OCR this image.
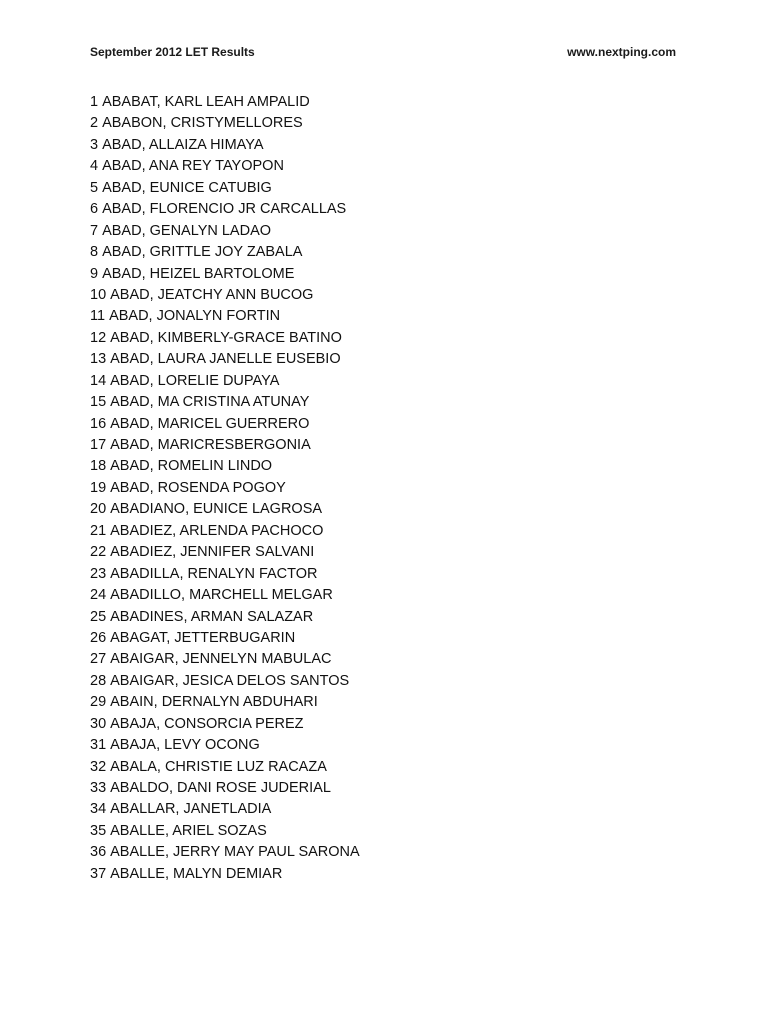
September 2012 LET Results	www.nextping.com
1 ABABAT, KARL LEAH AMPALID
2 ABABON, CRISTYMELLORES
3 ABAD, ALLAIZA HIMAYA
4 ABAD, ANA REY TAYOPON
5 ABAD, EUNICE CATUBIG
6 ABAD, FLORENCIO JR CARCALLAS
7 ABAD, GENALYN LADAO
8 ABAD, GRITTLE JOY ZABALA
9 ABAD, HEIZEL BARTOLOME
10 ABAD, JEATCHY ANN BUCOG
11 ABAD, JONALYN FORTIN
12 ABAD, KIMBERLY-GRACE BATINO
13 ABAD, LAURA JANELLE EUSEBIO
14 ABAD, LORELIE DUPAYA
15 ABAD, MA CRISTINA ATUNAY
16 ABAD, MARICEL GUERRERO
17 ABAD, MARICRESBERGONIA
18 ABAD, ROMELIN LINDO
19 ABAD, ROSENDA POGOY
20 ABADIANO, EUNICE LAGROSA
21 ABADIEZ, ARLENDA PACHOCO
22 ABADIEZ, JENNIFER SALVANI
23 ABADILLA, RENALYN FACTOR
24 ABADILLO, MARCHELL MELGAR
25 ABADINES, ARMAN SALAZAR
26 ABAGAT, JETTERBUGARIN
27 ABAIGAR, JENNELYN MABULAC
28 ABAIGAR, JESICA DELOS SANTOS
29 ABAIN, DERNALYN ABDUHARI
30 ABAJA, CONSORCIA PEREZ
31 ABAJA, LEVY OCONG
32 ABALA, CHRISTIE LUZ RACAZA
33 ABALDO, DANI ROSE JUDERIAL
34 ABALLAR, JANETLADIA
35 ABALLE, ARIEL SOZAS
36 ABALLE, JERRY MAY PAUL SARONA
37 ABALLE, MALYN DEMIAR
